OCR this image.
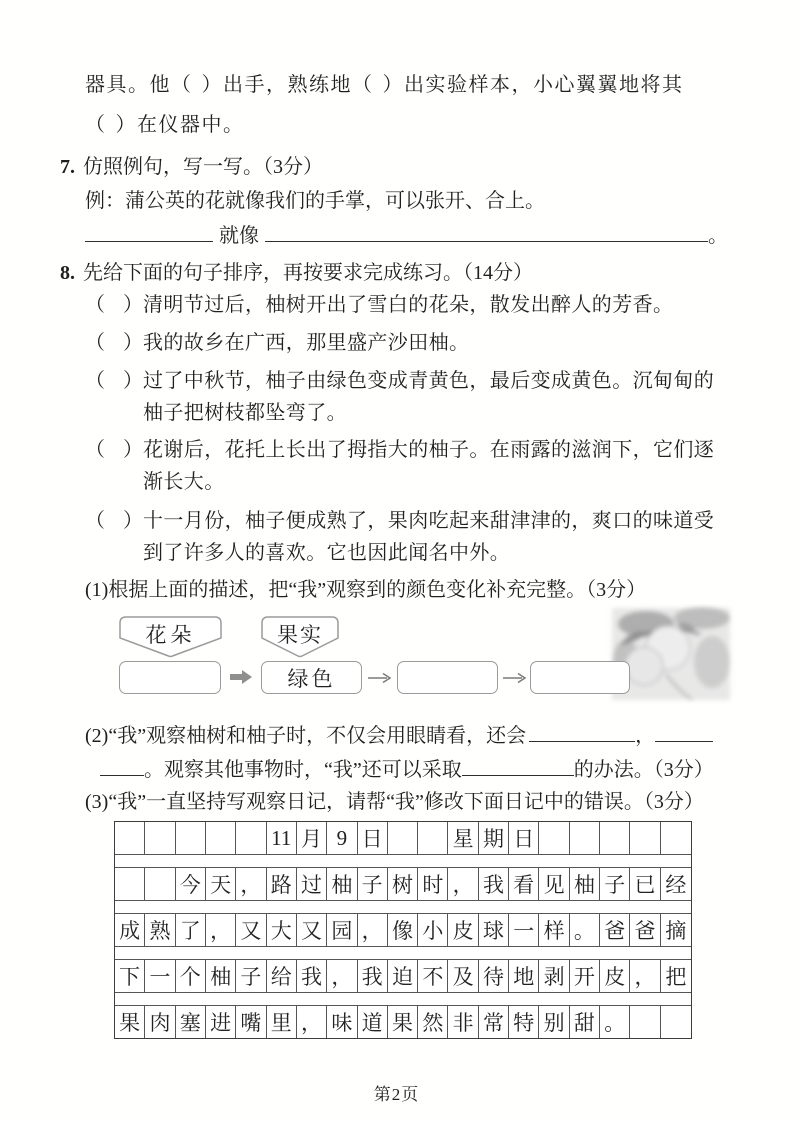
器具。他 （ ） 出手，熟练地 （ ） 出实验样本，小心翼翼地将其
（ ） 在仪器中。
7. 仿照例句，写一写。（3分）
例：蒲公英的花就像我们的手掌，可以张开、合上。
就像	。
8. 先给下面的句子排序，再按要求完成练习。（14分）
（ ） 清明节过后，柚树开出了雪白的花朵，散发出醉人的芳香。
（ ） 我的故乡在广西，那里盛产沙田柚。
（ ） 过了中秋节，柚子由绿色变成青黄色，最后变成黄色。沉甸甸的柚子把树枝都坠弯了。
（ ） 花谢后，花托上长出了拇指大的柚子。在雨露的滋润下，它们逐渐长大。
（ ） 十一月份，柚子便成熟了，果肉吃起来甜津津的，爽口的味道受到了许多人的喜欢。它也因此闻名中外。
(1)根据上面的描述，把“我”观察到的颜色变化补充完整。（3分）
花朵	果实
绿色
(2)“我”观察柚树和柚子时，不仅会用眼睛看，还会	，
。观察其他事物时，“我”还可以采取	的办法。（3分）
(3)“我”一直坚持写观察日记，请帮“我”修改下面日记中的错误。（3分）
11 月 9 日	星 期 日
今 天 ， 路 过 柚 子 树 时 ， 我 看 见 柚 子 已 经
成 熟 了 ， 又 大 又 园 ， 像 小 皮 球 一 样 。 爸 爸 摘
下 一 个 柚 子 给 我 ， 我 迫 不 及 待 地 剥 开 皮 ， 把
果 肉 塞 进 嘴 里 ， 味 道 果 然 非 常 特 别 甜 。
第2页
